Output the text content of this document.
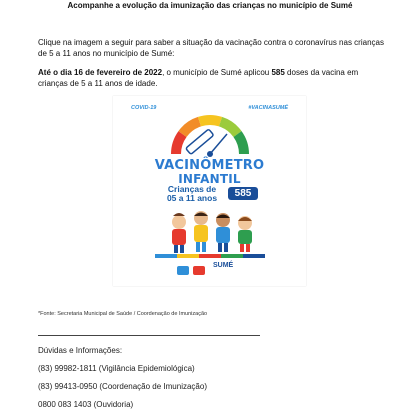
Acompanhe a evolução da imunização das crianças no município de Sumé

Clique na imagem a seguir para saber a situação da vacinação contra o coronavírus nas crianças de 5 a 11 anos no município de Sumé:

Até o dia 16 de fevereiro de 2022, o município de Sumé aplicou 585 doses da vacina em crianças de 5 a 11 anos de idade.

COVID-19	#VACINASUMÉ

VACINÔMETRO

INFANTIL

Crianças de
05 a 11 anos	585

SUMÉ

*Fonte: Secretaria Municipal de Saúde / Coordenação de Imunização

Dúvidas e Informações:

(83) 99982-1811 (Vigilância Epidemiológica)

(83) 99413-0950 (Coordenação de Imunização)

0800 083 1403 (Ouvidoria)
